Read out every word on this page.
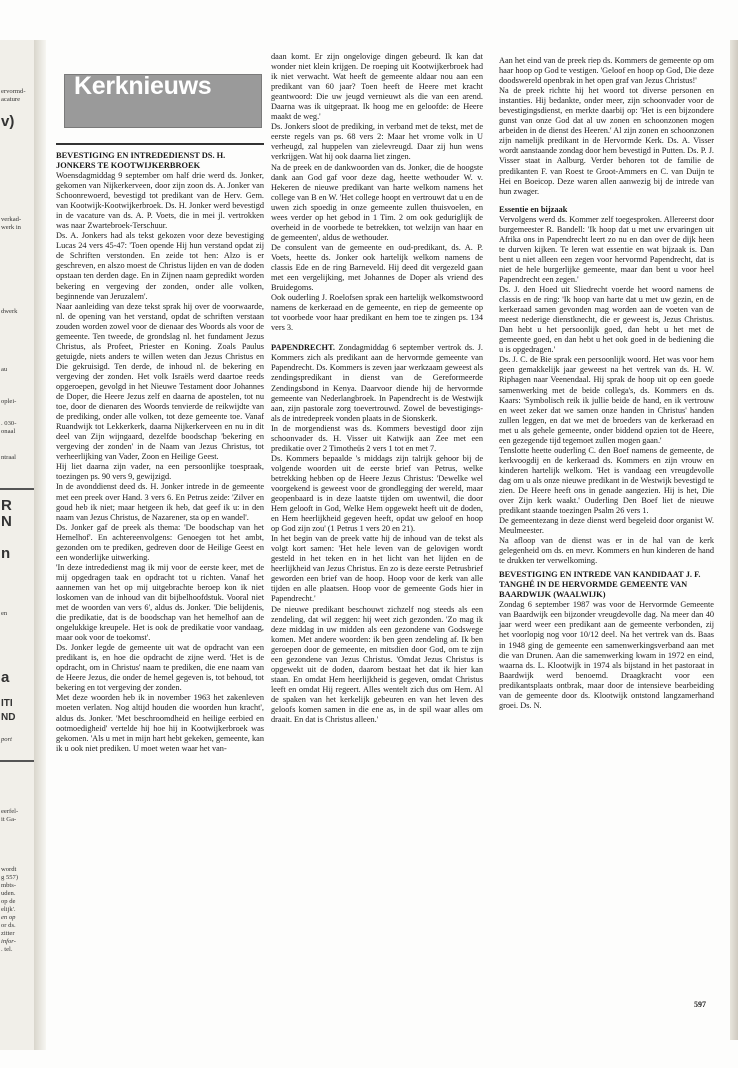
ervormd-
acature
v)
verkad-
werk in
dwerk
au
oplei-
. 030-
onaal
ntraal
R
N
n
a
en
ITI
ND
port
eerfel-
it Ga-
wordt
g 557)
mbts-
uden.
op de
elijk'.
en op
or ds.
zitter
infor-
. tel.
Kerknieuws

BEVESTIGING EN INTREDEDIENST DS. H. JONKERS TE KOOTWIJKERBROEK

Woensdagmiddag 9 september om half drie werd ds. Jonker, gekomen van Nijkerkerveen, door zijn zoon ds. A. Jonker van Schoonrewoerd, bevestigd tot predikant van de Herv. Gem. van Kootwijk-Kootwijkerbroek. Ds. H. Jonker werd bevestigd in de vacature van ds. A. P. Voets, die in mei jl. vertrokken was naar Zwartebroek-Terschuur.

Ds. A. Jonkers had als tekst gekozen voor deze bevestiging Lucas 24 vers 45-47: 'Toen opende Hij hun verstand opdat zij de Schriften verstonden. En zeide tot hen: Alzo is er geschreven, en alszo moest de Christus lijden en van de doden opstaan ten derden dage. En in Zijnen naam gepredikt worden bekering en vergeving der zonden, onder alle volken, beginnende van Jeruzalem'.

Naar aanleiding van deze tekst sprak hij over de voorwaarde, nl. de opening van het verstand, opdat de schriften verstaan zouden worden zowel voor de dienaar des Woords als voor de gemeente. Ten tweede, de grondslag nl. het fundament Jezus Christus, als Profeet, Priester en Koning. Zoals Paulus getuigde, niets anders te willen weten dan Jezus Christus en Die gekruisigd. Ten derde, de inhoud nl. de bekering en vergeving der zonden. Het volk Israëls werd daartoe reeds opgeroepen, gevolgd in het Nieuwe Testament door Johannes de Doper, die Heere Jezus zelf en daarna de apostelen, tot nu toe, door de dienaren des Woords tenvierde de reikwijdte van de prediking, onder alle volken, tot deze gemeente toe. Vanaf Ruandwijk tot Lekkerkerk, daarna Nijkerkerveen en nu in dit deel van Zijn wijngaard, dezelfde boodschap 'bekering en vergeving der zonden' in de Naam van Jezus Christus, tot verheerlijking van Vader, Zoon en Heilige Geest.

Hij liet daarna zijn vader, na een persoonlijke toespraak, toezingen ps. 90 vers 9, gewijzigd.

In de avonddienst deed ds. H. Jonker intrede in de gemeente met een preek over Hand. 3 vers 6. En Petrus zeide: 'Zilver en goud heb ik niet; maar hetgeen ik heb, dat geef ik u: in den naam van Jezus Christus, de Nazarener, sta op en wandel'.

Ds. Jonker gaf de preek als thema: 'De boodschap van het Hemelhof'. En achtereenvolgens: Genoegen tot het ambt, gezonden om te prediken, gedreven door de Heilige Geest en een wonderlijke uitwerking.

'In deze intrededienst mag ik mij voor de eerste keer, met de mij opgedragen taak en opdracht tot u richten. Vanaf het aannemen van het op mij uitgebrachte beroep kon ik niet loskomen van de inhoud van dit bijbelhoofdstuk. Vooral niet met de woorden van vers 6', aldus ds. Jonker. 'Die belijdenis, die predikatie, dat is de boodschap van het hemelhof aan de ongelukkige kreupele. Het is ook de predikatie voor vandaag, maar ook voor de toekomst'.

Ds. Jonker legde de gemeente uit wat de opdracht van een predikant is, en hoe die opdracht de zijne werd. 'Het is de opdracht, om in Christus' naam te prediken, die ene naam van de Heere Jezus, die onder de hemel gegeven is, tot behoud, tot bekering en tot vergeving der zonden.

Met deze woorden heb ik in november 1963 het zakenleven moeten verlaten. Nog altijd houden die woorden hun kracht', aldus ds. Jonker. 'Met beschroomdheid en heilige eerbied en ootmoedigheid' vertelde hij hoe hij in Kootwijkerbroek was gekomen. 'Als u met in mijn hart hebt gekeken, gemeente, kan ik u ook niet prediken. U moet weten waar het van-

daan komt. Er zijn ongelovige dingen gebeurd. Ik kan dat wonder niet klein krijgen. De roeping uit Kootwijkerbroek had ik niet verwacht. Wat heeft de gemeente aldaar nou aan een predikant van 60 jaar? Toen heeft de Heere met kracht geantwoord: Die uw jeugd vernieuwt als die van een arend. Daarna was ik uitgepraat. Ik hoog me en geloofde: de Heere maakt de weg.'

Ds. Jonkers sloot de prediking, in verband met de tekst, met de eerste regels van ps. 68 vers 2: Maar het vrome volk in U verheugd, zal huppelen van zielevreugd. Daar zij hun wens verkrijgen. Wat hij ook daarna liet zingen.

Na de preek en de dankwoorden van ds. Jonker, die de hoogste dank aan God gaf voor deze dag, heette wethouder W. v. Hekeren de nieuwe predikant van harte welkom namens het college van B en W. 'Het college hoopt en vertrouwt dat u en de uwen zich spoedig in onze gemeente zullen thuisvoelen, en wees verder op het gebod in 1 Tim. 2 om ook geduriglijk de overheid in de voorbede te betrekken, tot welzijn van haar en de gemeenten', aldus de wethouder.

De consulent van de gemeente en oud-predikant, ds. A. P. Voets, heette ds. Jonker ook hartelijk welkom namens de classis Ede en de ring Barneveld. Hij deed dit vergezeld gaan met een vergelijking, met Johannes de Doper als vriend des Bruidegoms.

Ook ouderling J. Roelofsen sprak een hartelijk welkomstwoord namens de kerkeraad en de gemeente, en riep de gemeente op tot voorbede voor haar predikant en hem toe te zingen ps. 134 vers 3.

PAPENDRECHT. Zondagmiddag 6 september vertrok ds. J. Kommers zich als predikant aan de hervormde gemeente van Papendrecht. Ds. Kommers is zeven jaar werkzaam geweest als zendingspredikant in dienst van de Gereformeerde Zendingsbond in Kenya. Daarvoor diende hij de hervormde gemeente van Nederlangbroek. In Papendrecht is de Westwijk aan, zijn pastorale zorg toevertrouwd. Zowel de bevestigings- als de intredepreek vonden plaats in de Sionskerk.

In de morgendienst was ds. Kommers bevestigd door zijn schoonvader ds. H. Visser uit Katwijk aan Zee met een predikatie over 2 Timotheüs 2 vers 1 tot en met 7.

Ds. Kommers bepaalde 's middags zijn talrijk gehoor bij de volgende woorden uit de eerste brief van Petrus, welke betrekking hebben op de Heere Jezus Christus: 'Dewelke wel voorgekend is geweest voor de grondlegging der wereld, maar geopenbaard is in deze laatste tijden om uwentwil, die door Hem gelooft in God, Welke Hem opgewekt heeft uit de doden, en Hem heerlijkheid gegeven heeft, opdat uw geloof en hoop op God zijn zou' (1 Petrus 1 vers 20 en 21).

In het begin van de preek vatte hij de inhoud van de tekst als volgt kort samen: 'Het hele leven van de gelovigen wordt gesteld in het teken en in het licht van het lijden en de heerlijkheid van Jezus Christus. En zo is deze eerste Petrusbrief geworden een brief van de hoop. Hoop voor de kerk van alle tijden en alle plaatsen. Hoop voor de gemeente Gods hier in Papendrecht.'

De nieuwe predikant beschouwt zichzelf nog steeds als een zendeling, dat wil zeggen: hij weet zich gezonden. 'Zo mag ik deze middag in uw midden als een gezondene van Godswege komen. Met andere woorden: ik ben geen zendeling af. Ik ben geroepen door de gemeente, en mitsdien door God, om te zijn een gezondene van Jezus Christus. 'Omdat Jezus Christus is opgewekt uit de doden, daarom bestaat het dat ik hier kan staan. En omdat Hem heerlijkheid is gegeven, omdat Christus leeft en omdat Hij regeert. Alles wentelt zich dus om Hem. Al de spaken van het kerkelijk gebeuren en van het leven des geloofs komen samen in die ene as, in de spil waar alles om draait. En dat is Christus alleen.'

Aan het eind van de preek riep ds. Kommers de gemeente op om haar hoop op God te vestigen. 'Geloof en hoop op God, Die deze doodswereld openbrak in het open graf van Jezus Christus!'

Na de preek richtte hij het woord tot diverse personen en instanties. Hij bedankte, onder meer, zijn schoonvader voor de bevestigingsdienst, en merkte daarbij op: 'Het is een bijzondere gunst van onze God dat al uw zonen en schoonzonen mogen arbeiden in de dienst des Heeren.' Al zijn zonen en schoonzonen zijn namelijk predikant in de Hervormde Kerk. Ds. A. Visser wordt aanstaande zondag door hem bevestigd in Putten. Ds. P. J. Visser staat in Aalburg. Verder behoren tot de familie de predikanten F. van Roest te Groot-Ammers en C. van Duijn te Hei en Boeicop. Deze waren allen aanwezig bij de intrede van hun zwager.

Essentie en bijzaak

Vervolgens werd ds. Kommer zelf toegesproken. Allereerst door burgemeester R. Bandell: 'Ik hoop dat u met uw ervaringen uit Afrika ons in Papendrecht leert zo nu en dan over de dijk heen te durven kijken. Te leren wat essentie en wat bijzaak is. Dan bent u niet alleen een zegen voor hervormd Papendrecht, dat is niet de hele burgerlijke gemeente, maar dan bent u voor heel Papendrecht een zegen.'

Ds. J. den Hoed uit Sliedrecht voerde het woord namens de classis en de ring: 'Ik hoop van harte dat u met uw gezin, en de kerkeraad samen gevonden mag worden aan de voeten van de meest nederige dienstknecht, die er geweest is, Jezus Christus. Dan hebt u het persoonlijk goed, dan hebt u het met de gemeente goed, en dan hebt u het ook goed in de bediening die u is opgedragen.'

Ds. J. C. de Bie sprak een persoonlijk woord. Het was voor hem geen gemakkelijk jaar geweest na het vertrek van ds. H. W. Riphagen naar Veenendaal. Hij sprak de hoop uit op een goede samenwerking met de beide collega's, ds. Kommers en ds. Kaars: 'Symbolisch reik ik jullie beide de hand, en ik vertrouw en weet zeker dat we samen onze handen in Christus' handen zullen leggen, en dat we met de broeders van de kerkeraad en met u als gehele gemeente, onder biddend opzien tot de Heere, een gezegende tijd tegemoet zullen mogen gaan.'

Tenslotte heette ouderling C. den Boef namens de gemeente, de kerkvoogdij en de kerkeraad ds. Kommers en zijn vrouw en kinderen hartelijk welkom. 'Het is vandaag een vreugdevolle dag om u als onze nieuwe predikant in de Westwijk bevestigd te zien. De Heere heeft ons in genade aangezien. Hij is het, Die over Zijn kerk waakt.' Ouderling Den Boef liet de nieuwe predikant staande toezingen Psalm 26 vers 1.

De gemeentezang in deze dienst werd begeleid door organist W. Meulmeester.

Na afloop van de dienst was er in de hal van de kerk gelegenheid om ds. en mevr. Kommers en hun kinderen de hand te drukken ter verwelkoming.

BEVESTIGING EN INTREDE VAN KANDIDAAT J. F. TANGHÉ IN DE HERVORMDE GEMEENTE VAN BAARDWIJK (WAALWIJK)

Zondag 6 september 1987 was voor de Hervormde Gemeente van Baardwijk een bijzonder vreugdevolle dag. Na meer dan 40 jaar werd weer een predikant aan de gemeente verbonden, zij het voorlopig nog voor 10/12 deel. Na het vertrek van ds. Baas in 1948 ging de gemeente een samenwerkingsverband aan met die van Drunen. Aan die samenwerking kwam in 1972 en eind, waarna ds. L. Klootwijk in 1974 als bijstand in het pastoraat in Baardwijk werd benoemd. Draagkracht voor een predikantsplaats ontbrak, maar door de intensieve bearbeiding van de gemeente door ds. Klootwijk ontstond langzamerhand groei. Ds. N.

597
